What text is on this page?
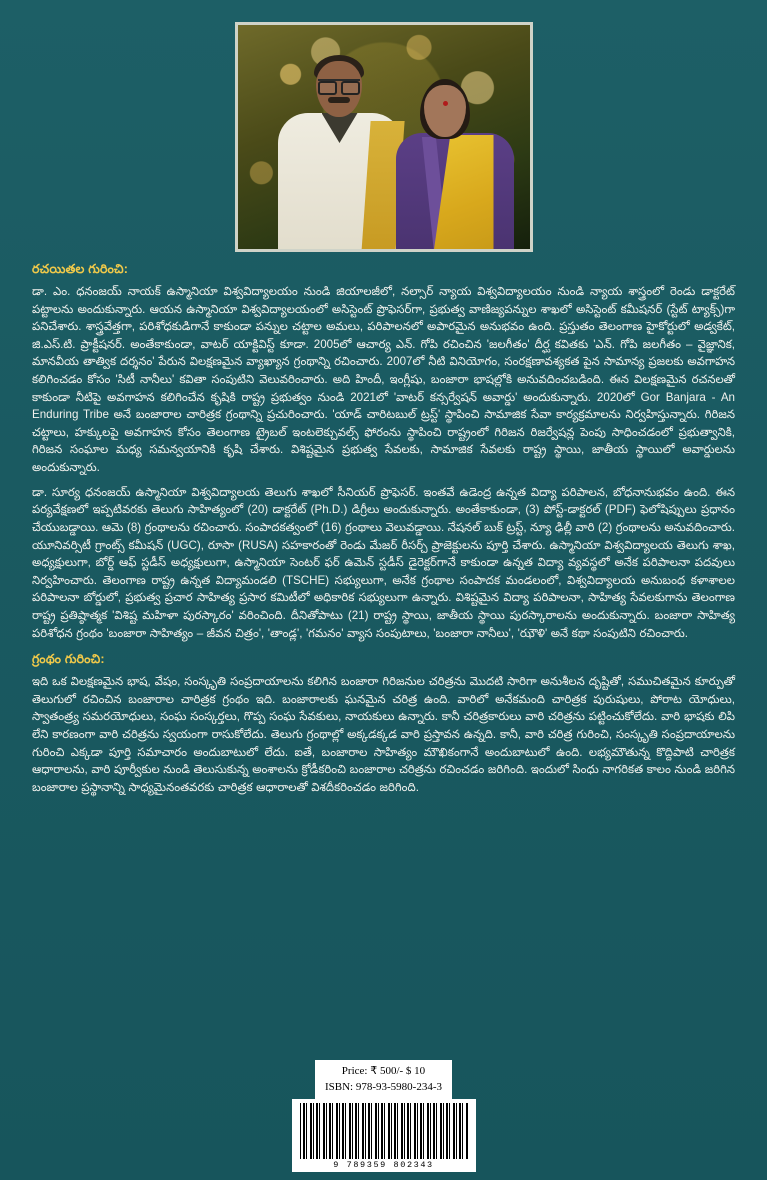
రచయితల గురించి:

డా. ఎం. ధనంజయ్ నాయక్ ఉస్మానియా విశ్వవిద్యాలయం నుండి జియాలజీలో, నల్సార్ న్యాయ విశ్వవిద్యాలయం నుండి న్యాయ శాస్త్రంలో రెండు డాక్టరేట్ పట్టాలను అందుకున్నారు. ఆయన ఉస్మానియా విశ్వవిద్యాలయంలో అసిస్టెంట్ ప్రొఫెసర్‌గా, ప్రభుత్వ వాణిజ్యపన్నుల శాఖలో అసిస్టెంట్ కమీషనర్ (స్టేట్ ట్యాక్స్)గా పనిచేశారు. శాస్త్రవేత్తగా, పరిశోధకుడిగానే కాకుండా పన్నుల చట్టాల అమలు, పరిపాలనలో అపారమైన అనుభవం ఉంది. ప్రస్తుతం తెలంగాణ హైకోర్టులో అడ్వకేట్, జి.ఎస్.టి. ప్రాక్టీషనర్. అంతేకాకుండా, వాటర్ యాక్టివిస్ట్ కూడా. 2005లో ఆచార్య ఎన్. గోపి రచించిన 'జలగీతం' దీర్ఘ కవితకు 'ఎన్. గోపి జలగీతం – వైజ్ఞానిక, మానవీయ తాత్విక దర్శనం' పేరున విలక్షణమైన వ్యాఖ్యాన గ్రంథాన్ని రచించారు. 2007లో నీటి వినియోగం, సంరక్షణావశ్యకత పైన సామాన్య ప్రజలకు అవగాహన కలిగించడం కోసం 'సిటీ నానీలు' కవితా సంపుటిని వెలువరించారు. అది హిందీ, ఇంగ్లీషు, బంజారా భాషల్లోకి అనువదించబడింది. ఈన విలక్షణమైన రచనలతో కాకుండా నీటిపై అవగాహన కలిగించేన కృషికి రాష్ట్ర ప్రభుత్వం నుండి 2021లో 'వాటర్ కన్సర్వేషన్ అవార్డు' అందుకున్నారు. 2020లో Gor Banjara - An Enduring Tribe అనే బంజారాల చారిత్రక గ్రంథాన్ని ప్రచురించారు. 'యాడ్ చారిటబుల్ ట్రస్ట్' స్థాపించి సామాజిక సేవా కార్యక్రమాలను నిర్వహిస్తున్నారు. గిరిజన చట్టాలు, హక్కులపై అవగాహన కోసం తెలంగాణ ట్రైబల్ ఇంటలెక్చువల్స్ ఫోరం‌ను స్థాపించి రాష్ట్రంలో గిరిజన రిజర్వేషన్ల పెంపు సాధించడంలో ప్రభుత్వానికి, గిరిజన సంఘాల మధ్య సమన్వయానికి కృషి చేశారు. విశిష్టమైన ప్రభుత్వ సేవలకు, సామాజిక సేవలకు రాష్ట్ర స్థాయి, జాతీయ స్థాయిలో అవార్డులను అందుకున్నారు.

డా. సూర్య ధనంజయ్ ఉస్మానియా విశ్వవిద్యాలయ తెలుగు శాఖలో సీనియర్ ప్రొఫెసర్. ఇంతవే ఉడెంద్ర ఉన్నత విద్యా పరిపాలన, బోధనానుభవం ఉంది. ఈన పర్యవేక్షణలో ఇప్పటివరకు తెలుగు సాహిత్యంలో (20) డాక్టరేట్ (Ph.D.) డిగ్రీలు అందుకున్నారు. అంతేకాకుండా, (3) పోస్ట్-డాక్టరల్ (PDF) ఫెలోషిప్పులు ప్రధానం చేయుబడ్డాయి. ఆమె (8) గ్రంథాలను రచించారు. సంపాదకత్వంలో (16) గ్రంథాలు వెలువడ్డాయి. నేషనల్ బుక్ ట్రస్ట్, న్యూ ఢిల్లీ వారి (2) గ్రంథాలను అనువదించారు. యూనివర్సిటీ గ్రాంట్స్ కమీషన్ (UGC), రూసా (RUSA) సహకారంతో రెండు మేజర్ రీసర్చ్ ప్రాజెక్టులను పూర్తి చేశారు. ఉస్మానియా విశ్వవిద్యాలయ తెలుగు శాఖ, అధ్యక్షులుగా, బోర్డ్ ఆఫ్ స్టడీస్ అధ్యక్షులుగా, ఉస్మానియా సెంటర్ ఫర్ ఉమెన్ స్టడీస్ డైరెక్టర్‌గానే కాకుండా ఉన్నత విద్యా వ్యవస్థలో అనేక పరిపాలనా పదవులు నిర్వహించారు. తెలంగాణ రాష్ట్ర ఉన్నత విద్యామండలి (TSCHE) సభ్యులుగా, అనేక గ్రంథాల సంపాదక మండలంలో, విశ్వవిద్యాలయ అనుబంధ కళాశాలల పరిపాలనా బోర్డులో, ప్రభుత్వ ప్రచార సాహిత్య ప్రసార కమిటీలో అధికారిక సభ్యులుగా ఉన్నారు. విశిష్టమైన విద్యా పరిపాలనా, సాహిత్య సేవలకుగాను తెలంగాణ రాష్ట్ర ప్రతిష్ఠాత్మక 'విశిష్ట మహిళా పురస్కారం' వరించింది. దీనితోపాటు (21) రాష్ట్ర స్థాయి, జాతీయ స్థాయి పురస్కారాలను అందుకున్నారు. బంజారా సాహిత్య పరిశోధన గ్రంథం 'బంజారా సాహిత్యం – జీవన చిత్రం', 'తాండ్ల', 'గమనం' వ్యాస సంపుటాలు, 'బంజారా నానీలు', 'ఝౌళి' అనే కథా సంపుటిని రచించారు.

గ్రంథం గురించి:

ఇది ఒక విలక్షణమైన భాష, వేషం, సంస్కృతి సంప్రదాయాలను కలిగిన బంజారా గిరిజనుల చరిత్రను మొదటి సారిగా అనుశీలన దృష్టితో, సముచితమైన కూర్పుతో తెలుగులో రచించిన బంజారాల చారిత్రక గ్రంథం ఇది. బంజారాలకు ఘనమైన చరిత్ర ఉంది. వారిలో అనేకమంది చారిత్రక పురుషులు, పోరాట యోధులు, స్వాతంత్ర్య సమరయోధులు, సంఘ సంస్కర్తలు, గొప్ప సంఘ సేవకులు, నాయకులు ఉన్నారు. కానీ చరిత్రకారులు వారి చరిత్రను పట్టించుకోలేదు. వారి భాషకు లిపి లేని కారణంగా వారి చరిత్రను స్వయంగా రాసుకోలేదు. తెలుగు గ్రంథాల్లో అక్కడక్కడ వారి ప్రస్తావన ఉన్నది. కానీ, వారి చరిత్ర గురించి, సంస్కృతి సంప్రదాయాలను గురించి ఎక్కడా పూర్తి సమాచారం అందుబాటులో లేదు. ఐతే, బంజారాల సాహిత్యం మౌఖికంగానే అందుబాటులో ఉంది. లభ్యమౌతున్న కొద్దిపాటి చారిత్రక ఆధారాలను, వారి పూర్వీకుల నుండి తెలుసుకున్న అంశాలను క్రోడీకరించి బంజారాల చరిత్రను రచించడం జరిగింది. ఇందులో సింధు నాగరికత కాలం నుండి జరిగిన బంజారాల ప్రస్థానాన్ని సాధ్యమైనంతవరకు చారిత్రక ఆధారాలతో విశదీకరించడం జరిగింది.

Price: ₹ 500/- $ 10
ISBN: 978-93-5980-234-3
9 789359 802343
